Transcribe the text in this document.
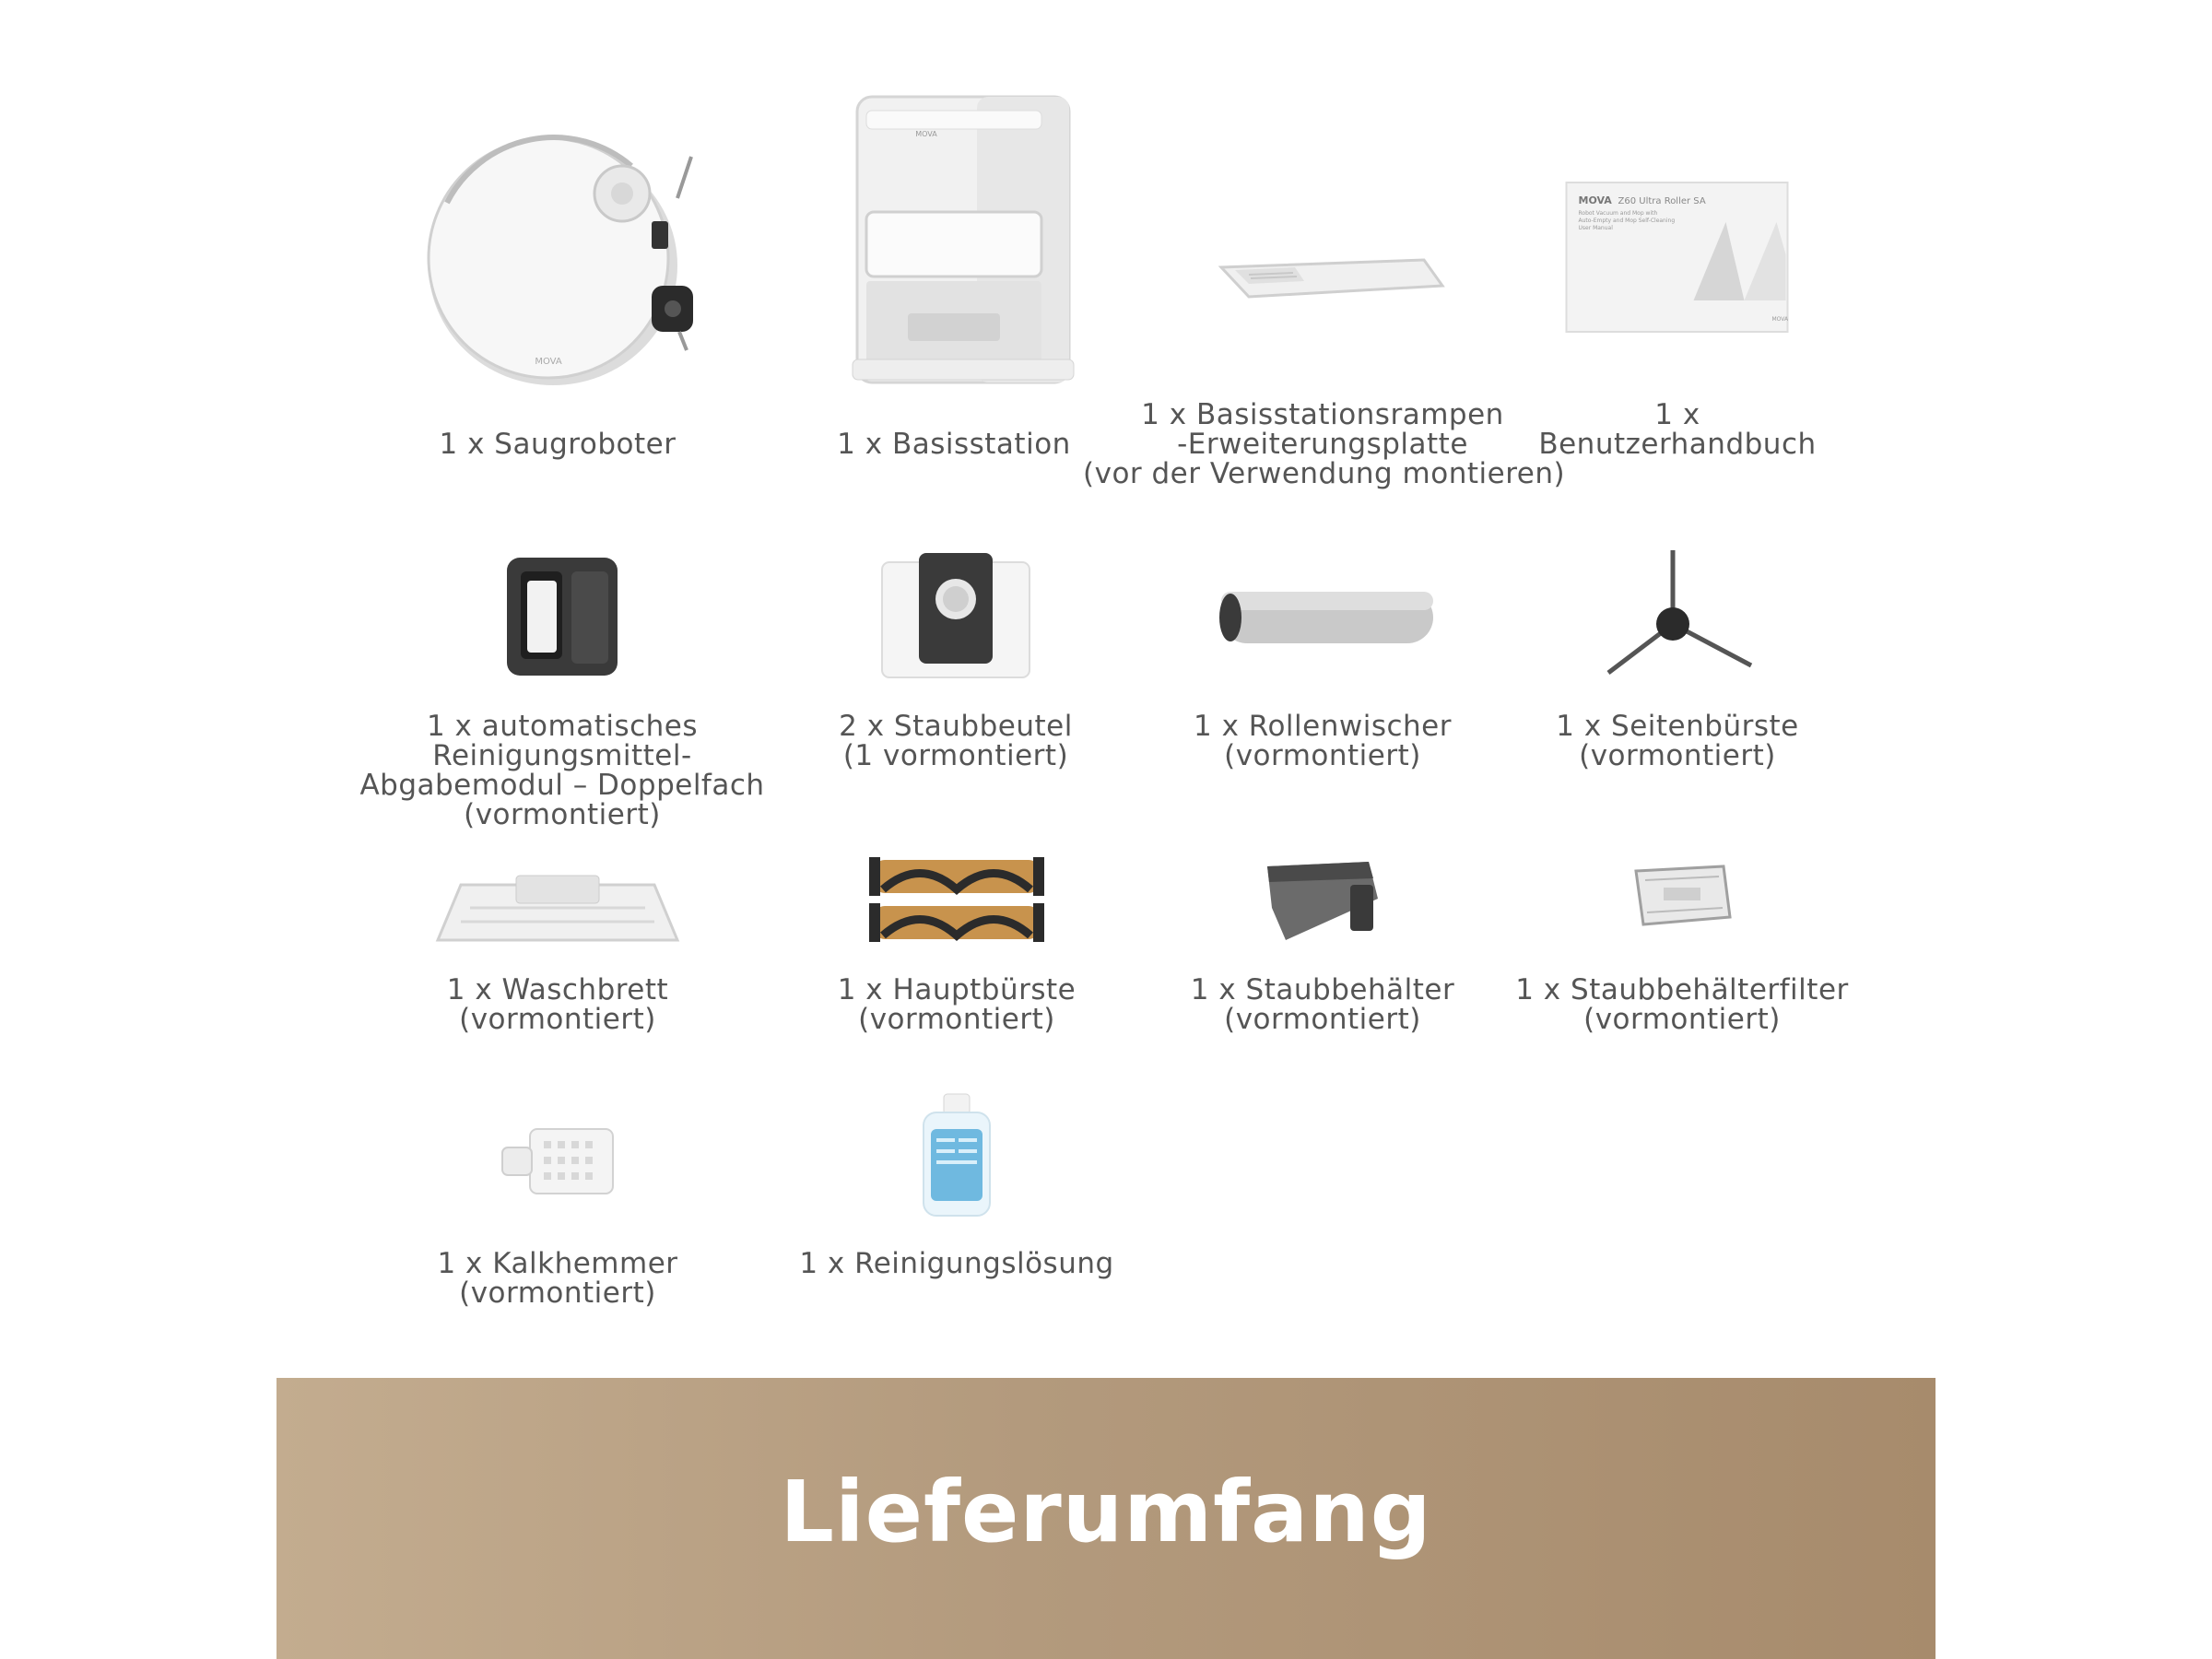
MOVA
1 x Saugroboter
MOVA
1 x Basisstation
1 x Basisstationsrampen
-Erweiterungsplatte
(vor der Verwendung montieren)
MOVA Z60 Ultra Roller SA
Robot Vacuum and Mop with
Auto-Empty and Mop Self-Cleaning
User Manual
MOVA
1 x
Benutzerhandbuch
1 x automatisches
Reinigungsmittel-
Abgabemodul – Doppelfach
(vormontiert)
2 x Staubbeutel
(1 vormontiert)
1 x Rollenwischer
(vormontiert)
1 x Seitenbürste
(vormontiert)
1 x Waschbrett
(vormontiert)
1 x Hauptbürste
(vormontiert)
1 x Staubbehälter
(vormontiert)
1 x Staubbehälterfilter
(vormontiert)
1 x Kalkhemmer
(vormontiert)
1 x Reinigungslösung
Lieferumfang
